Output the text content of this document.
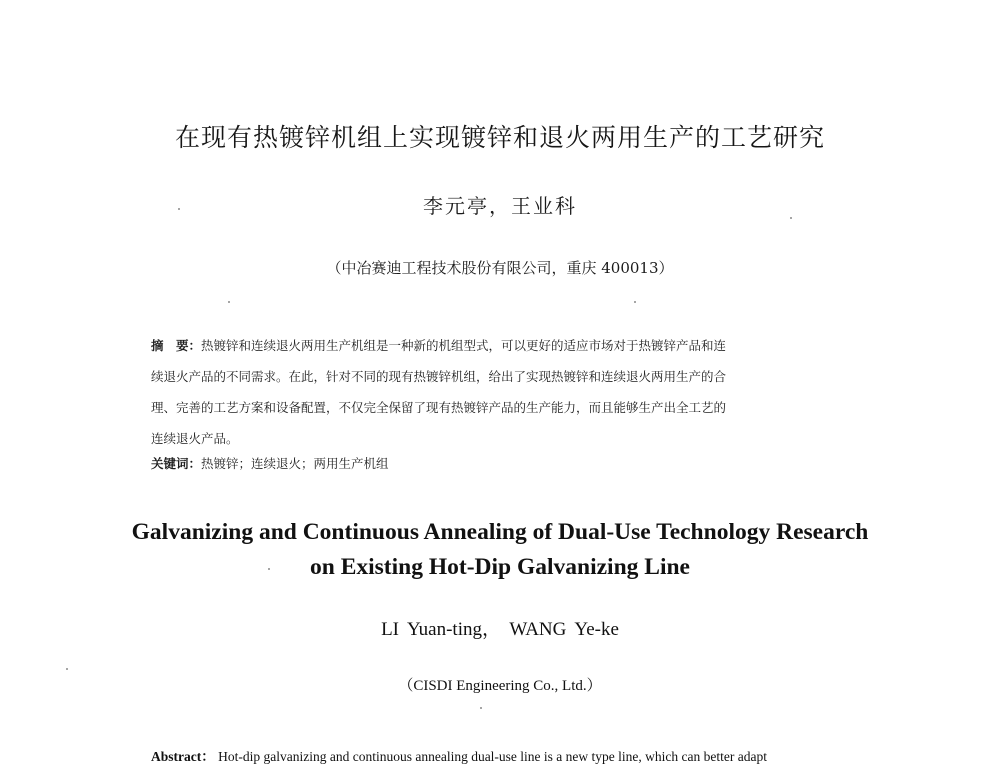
在现有热镀锌机组上实现镀锌和退火两用生产的工艺研究
李元亭，王业科
（中冶赛迪工程技术股份有限公司，重庆 400013）
摘　要：热镀锌和连续退火两用生产机组是一种新的机组型式，可以更好的适应市场对于热镀锌产品和连
续退火产品的不同需求。在此，针对不同的现有热镀锌机组，给出了实现热镀锌和连续退火两用生产的合
理、完善的工艺方案和设备配置，不仅完全保留了现有热镀锌产品的生产能力，而且能够生产出全工艺的
连续退火产品。
关键词：热镀锌；连续退火；两用生产机组
Galvanizing and Continuous Annealing of Dual-Use Technology Research
on Existing Hot-Dip Galvanizing Line
LI Yuan-ting， WANG Ye-ke
（CISDI Engineering Co., Ltd.）
Abstract： Hot-dip galvanizing and continuous annealing dual-use line is a new type line, which can better adapt
